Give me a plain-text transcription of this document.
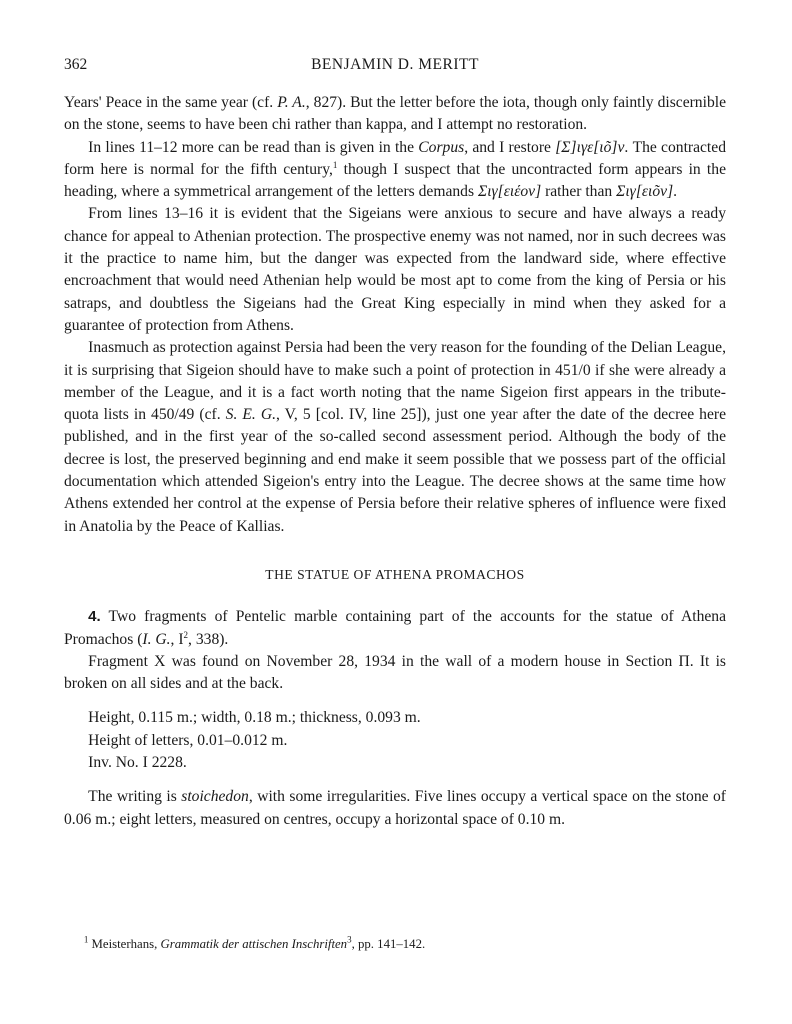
362	BENJAMIN D. MERITT

Years' Peace in the same year (cf. P. A., 827). But the letter before the iota, though only faintly discernible on the stone, seems to have been chi rather than kappa, and I attempt no restoration.

In lines 11–12 more can be read than is given in the Corpus, and I restore [Σ]ιγε[ιõ]ν. The contracted form here is normal for the fifth century,$^1$ though I suspect that the uncontracted form appears in the heading, where a symmetrical arrangement of the letters demands Σιγ[ειέον] rather than Σιγ[ειõν].

From lines 13–16 it is evident that the Sigeians were anxious to secure and have always a ready chance for appeal to Athenian protection. The prospective enemy was not named, nor in such decrees was it the practice to name him, but the danger was expected from the landward side, where effective encroachment that would need Athenian help would be most apt to come from the king of Persia or his satraps, and doubtless the Sigeians had the Great King especially in mind when they asked for a guarantee of protection from Athens.

Inasmuch as protection against Persia had been the very reason for the founding of the Delian League, it is surprising that Sigeion should have to make such a point of protection in 451/0 if she were already a member of the League, and it is a fact worth noting that the name Sigeion first appears in the tribute-quota lists in 450/49 (cf. S. E. G., V, 5 [col. IV, line 25]), just one year after the date of the decree here published, and in the first year of the so-called second assessment period. Although the body of the decree is lost, the preserved beginning and end make it seem possible that we possess part of the official documentation which attended Sigeion's entry into the League. The decree shows at the same time how Athens extended her control at the expense of Persia before their relative spheres of influence were fixed in Anatolia by the Peace of Kallias.

THE STATUE OF ATHENA PROMACHOS

4. Two fragments of Pentelic marble containing part of the accounts for the statue of Athena Promachos (I. G., $I^2$, 338).

Fragment X was found on November 28, 1934 in the wall of a modern house in Section Π. It is broken on all sides and at the back.

Height, 0.115 m.; width, 0.18 m.; thickness, 0.093 m.

Height of letters, 0.01–0.012 m.

Inv. No. I 2228.

The writing is stoichedon, with some irregularities. Five lines occupy a vertical space on the stone of 0.06 m.; eight letters, measured on centres, occupy a horizontal space of 0.10 m.

$^1$ Meisterhans, Grammatik der attischen Inschriften$^3$, pp. 141–142.
